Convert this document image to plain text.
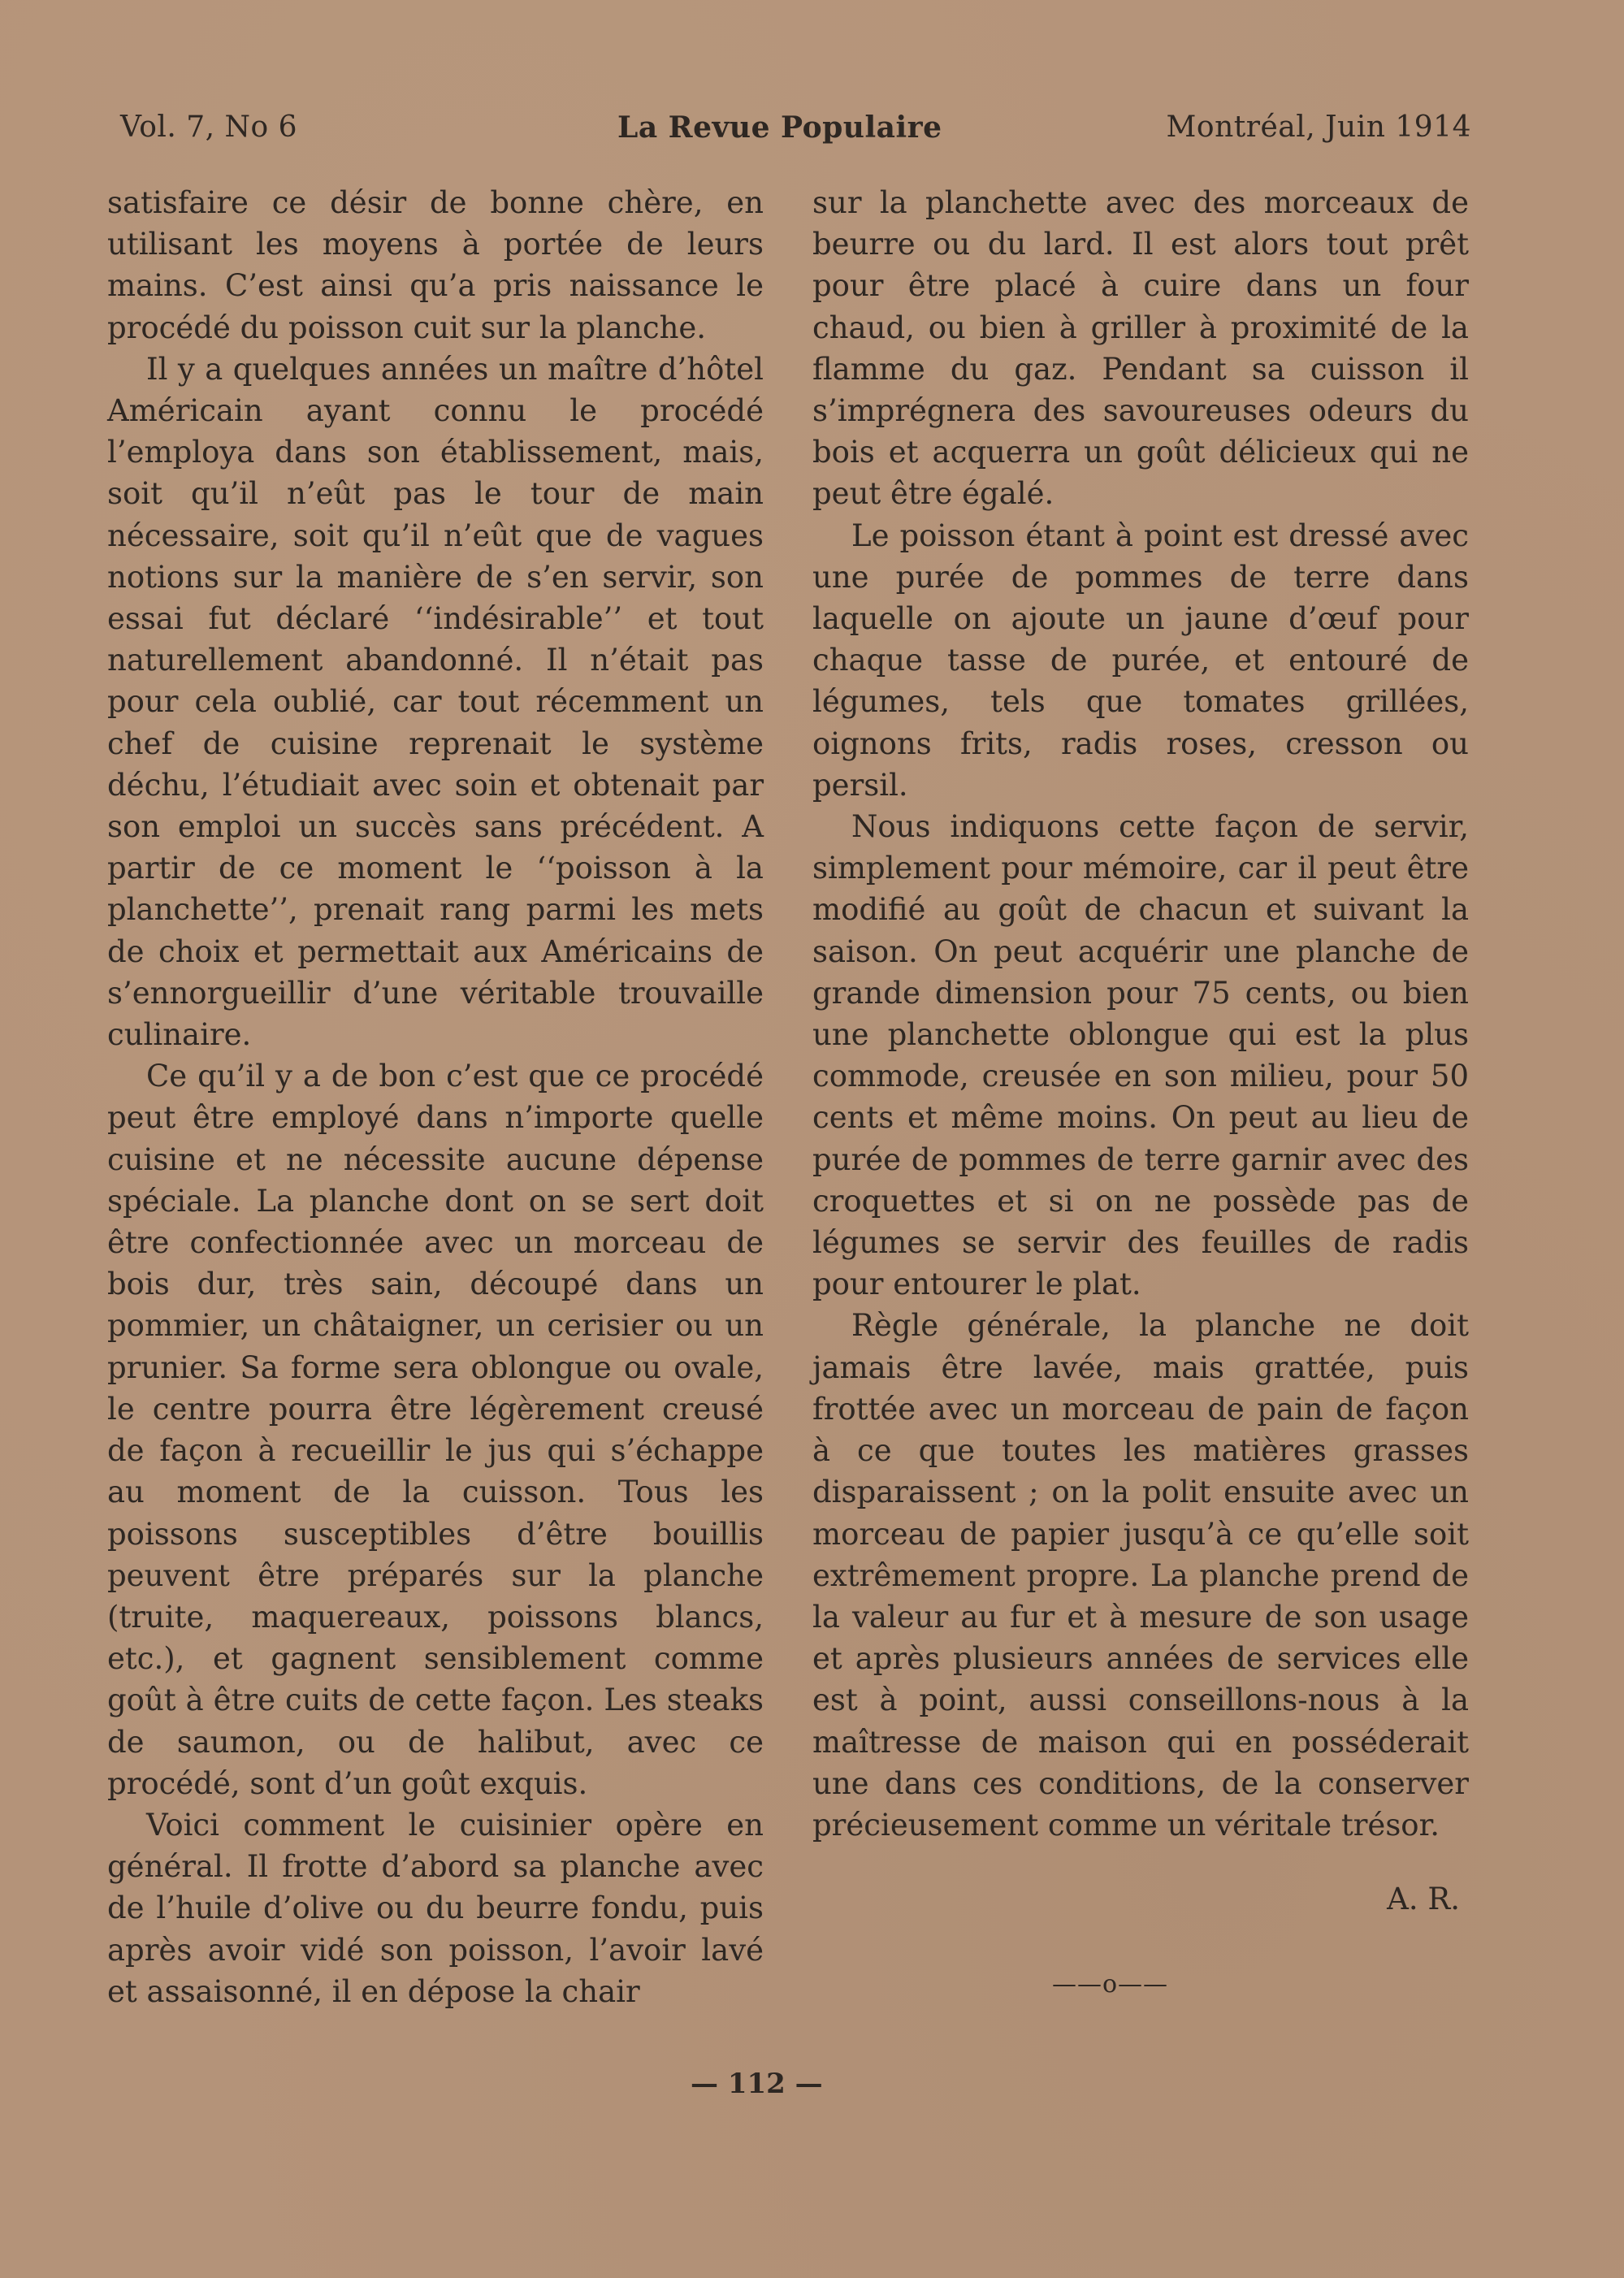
Vol. 7, No 6	La Revue Populaire	Montréal, Juin 1914

satisfaire ce désir de bonne chère, en utilisant les moyens à portée de leurs mains. C’est ainsi qu’a pris naissance le procédé du poisson cuit sur la planche.

Il y a quelques années un maître d’hôtel Américain ayant connu le procédé l’employa dans son établissement, mais, soit qu’il n’eût pas le tour de main nécessaire, soit qu’il n’eût que de vagues notions sur la manière de s’en servir, son essai fut déclaré ‘‘indésirable’’ et tout naturellement abandonné. Il n’était pas pour cela oublié, car tout récemment un chef de cuisine reprenait le système déchu, l’étudiait avec soin et obtenait par son emploi un succès sans précédent. A partir de ce moment le ‘‘poisson à la planchette’’, prenait rang parmi les mets de choix et permettait aux Américains de s’ennorgueillir d’une véritable trouvaille culinaire.

Ce qu’il y a de bon c’est que ce procédé peut être employé dans n’importe quelle cuisine et ne nécessite aucune dépense spéciale. La planche dont on se sert doit être confectionnée avec un morceau de bois dur, très sain, découpé dans un pommier, un châtaigner, un cerisier ou un prunier. Sa forme sera oblongue ou ovale, le centre pourra être légèrement creusé de façon à recueillir le jus qui s’échappe au moment de la cuisson. Tous les poissons susceptibles d’être bouillis peuvent être préparés sur la planche (truite, maquereaux, poissons blancs, etc.), et gagnent sensiblement comme goût à être cuits de cette façon. Les steaks de saumon, ou de halibut, avec ce procédé, sont d’un goût exquis.

Voici comment le cuisinier opère en général. Il frotte d’abord sa planche avec de l’huile d’olive ou du beurre fondu, puis après avoir vidé son poisson, l’avoir lavé et assaisonné, il en dépose la chair

sur la planchette avec des morceaux de beurre ou du lard. Il est alors tout prêt pour être placé à cuire dans un four chaud, ou bien à griller à proximité de la flamme du gaz. Pendant sa cuisson il s’imprégnera des savoureuses odeurs du bois et acquerra un goût délicieux qui ne peut être égalé.

Le poisson étant à point est dressé avec une purée de pommes de terre dans laquelle on ajoute un jaune d’œuf pour chaque tasse de purée, et entouré de légumes, tels que tomates grillées, oignons frits, radis roses, cresson ou persil.

Nous indiquons cette façon de servir, simplement pour mémoire, car il peut être modifié au goût de chacun et suivant la saison. On peut acquérir une planche de grande dimension pour 75 cents, ou bien une planchette oblongue qui est la plus commode, creusée en son milieu, pour 50 cents et même moins. On peut au lieu de purée de pommes de terre garnir avec des croquettes et si on ne possède pas de légumes se servir des feuilles de radis pour entourer le plat.

Règle générale, la planche ne doit jamais être lavée, mais grattée, puis frottée avec un morceau de pain de façon à ce que toutes les matières grasses disparaissent ; on la polit ensuite avec un morceau de papier jusqu’à ce qu’elle soit extrêmement propre. La planche prend de la valeur au fur et à mesure de son usage et après plusieurs années de services elle est à point, aussi conseillons-nous à la maîtresse de maison qui en posséderait une dans ces conditions, de la conserver précieusement comme un véritale trésor.

A. R.
——o——
— 112 —
